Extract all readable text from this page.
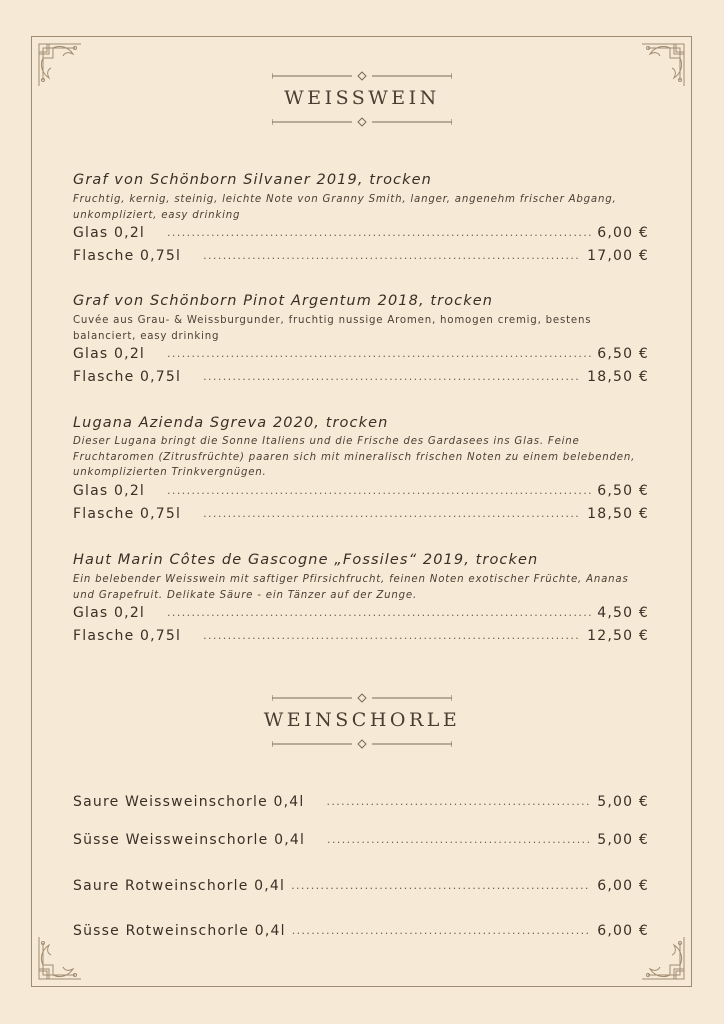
WEISSWEIN
Graf von Schönborn Silvaner 2019, trocken
Fruchtig, kernig, steinig, leichte Note von Granny Smith, langer, angenehm frischer Abgang, unkompliziert, easy drinking
Glas 0,2l .....	6,00 €
Flasche 0,75l .....	17,00 €
Graf von Schönborn Pinot Argentum 2018, trocken
Cuvée aus Grau- & Weissburgunder, fruchtig nussige Aromen, homogen cremig, bestens balanciert, easy drinking
Glas 0,2l .....	6,50 €
Flasche 0,75l .....	18,50 €
Lugana Azienda Sgreva 2020, trocken
Dieser Lugana bringt die Sonne Italiens und die Frische des Gardasees ins Glas. Feine Fruchtaromen (Zitrusfrüchte) paaren sich mit mineralisch frischen Noten zu einem belebenden, unkomplizierten Trinkvergnügen.
Glas 0,2l .....	6,50 €
Flasche 0,75l .....	18,50 €
Haut Marin Côtes de Gascogne „Fossiles“ 2019, trocken
Ein belebender Weisswein mit saftiger Pfirsichfrucht, feinen Noten exotischer Früchte, Ananas und Grapefruit. Delikate Säure - ein Tänzer auf der Zunge.
Glas 0,2l .....	4,50 €
Flasche 0,75l .....	12,50 €
WEINSCHORLE
Saure Weissweinschorle 0,4l .....	5,00 €
Süsse Weissweinschorle 0,4l .....	5,00 €
Saure Rotweinschorle 0,4l .....	6,00 €
Süsse Rotweinschorle 0,4l .....	6,00 €
